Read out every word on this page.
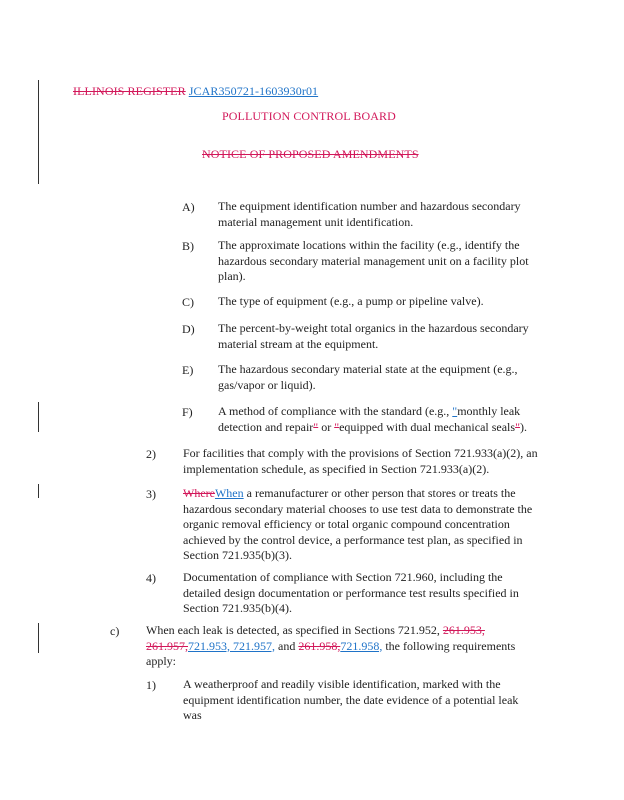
ILLINOIS REGISTER JCAR350721-1603930r01
POLLUTION CONTROL BOARD
NOTICE OF PROPOSED AMENDMENTS
A) The equipment identification number and hazardous secondary material management unit identification.
B) The approximate locations within the facility (e.g., identify the hazardous secondary material management unit on a facility plot plan).
C) The type of equipment (e.g., a pump or pipeline valve).
D) The percent-by-weight total organics in the hazardous secondary material stream at the equipment.
E) The hazardous secondary material state at the equipment (e.g., gas/vapor or liquid).
F) A method of compliance with the standard (e.g., "monthly leak detection and repair" or "equipped with dual mechanical seals").
2) For facilities that comply with the provisions of Section 721.933(a)(2), an implementation schedule, as specified in Section 721.933(a)(2).
3) WhereWhen a remanufacturer or other person that stores or treats the hazardous secondary material chooses to use test data to demonstrate the organic removal efficiency or total organic compound concentration achieved by the control device, a performance test plan, as specified in Section 721.935(b)(3).
4) Documentation of compliance with Section 721.960, including the detailed design documentation or performance test results specified in Section 721.935(b)(4).
c) When each leak is detected, as specified in Sections 721.952, 261.953, 261.957,721.953, 721.957, and 261.958,721.958, the following requirements apply:
1) A weatherproof and readily visible identification, marked with the equipment identification number, the date evidence of a potential leak was
